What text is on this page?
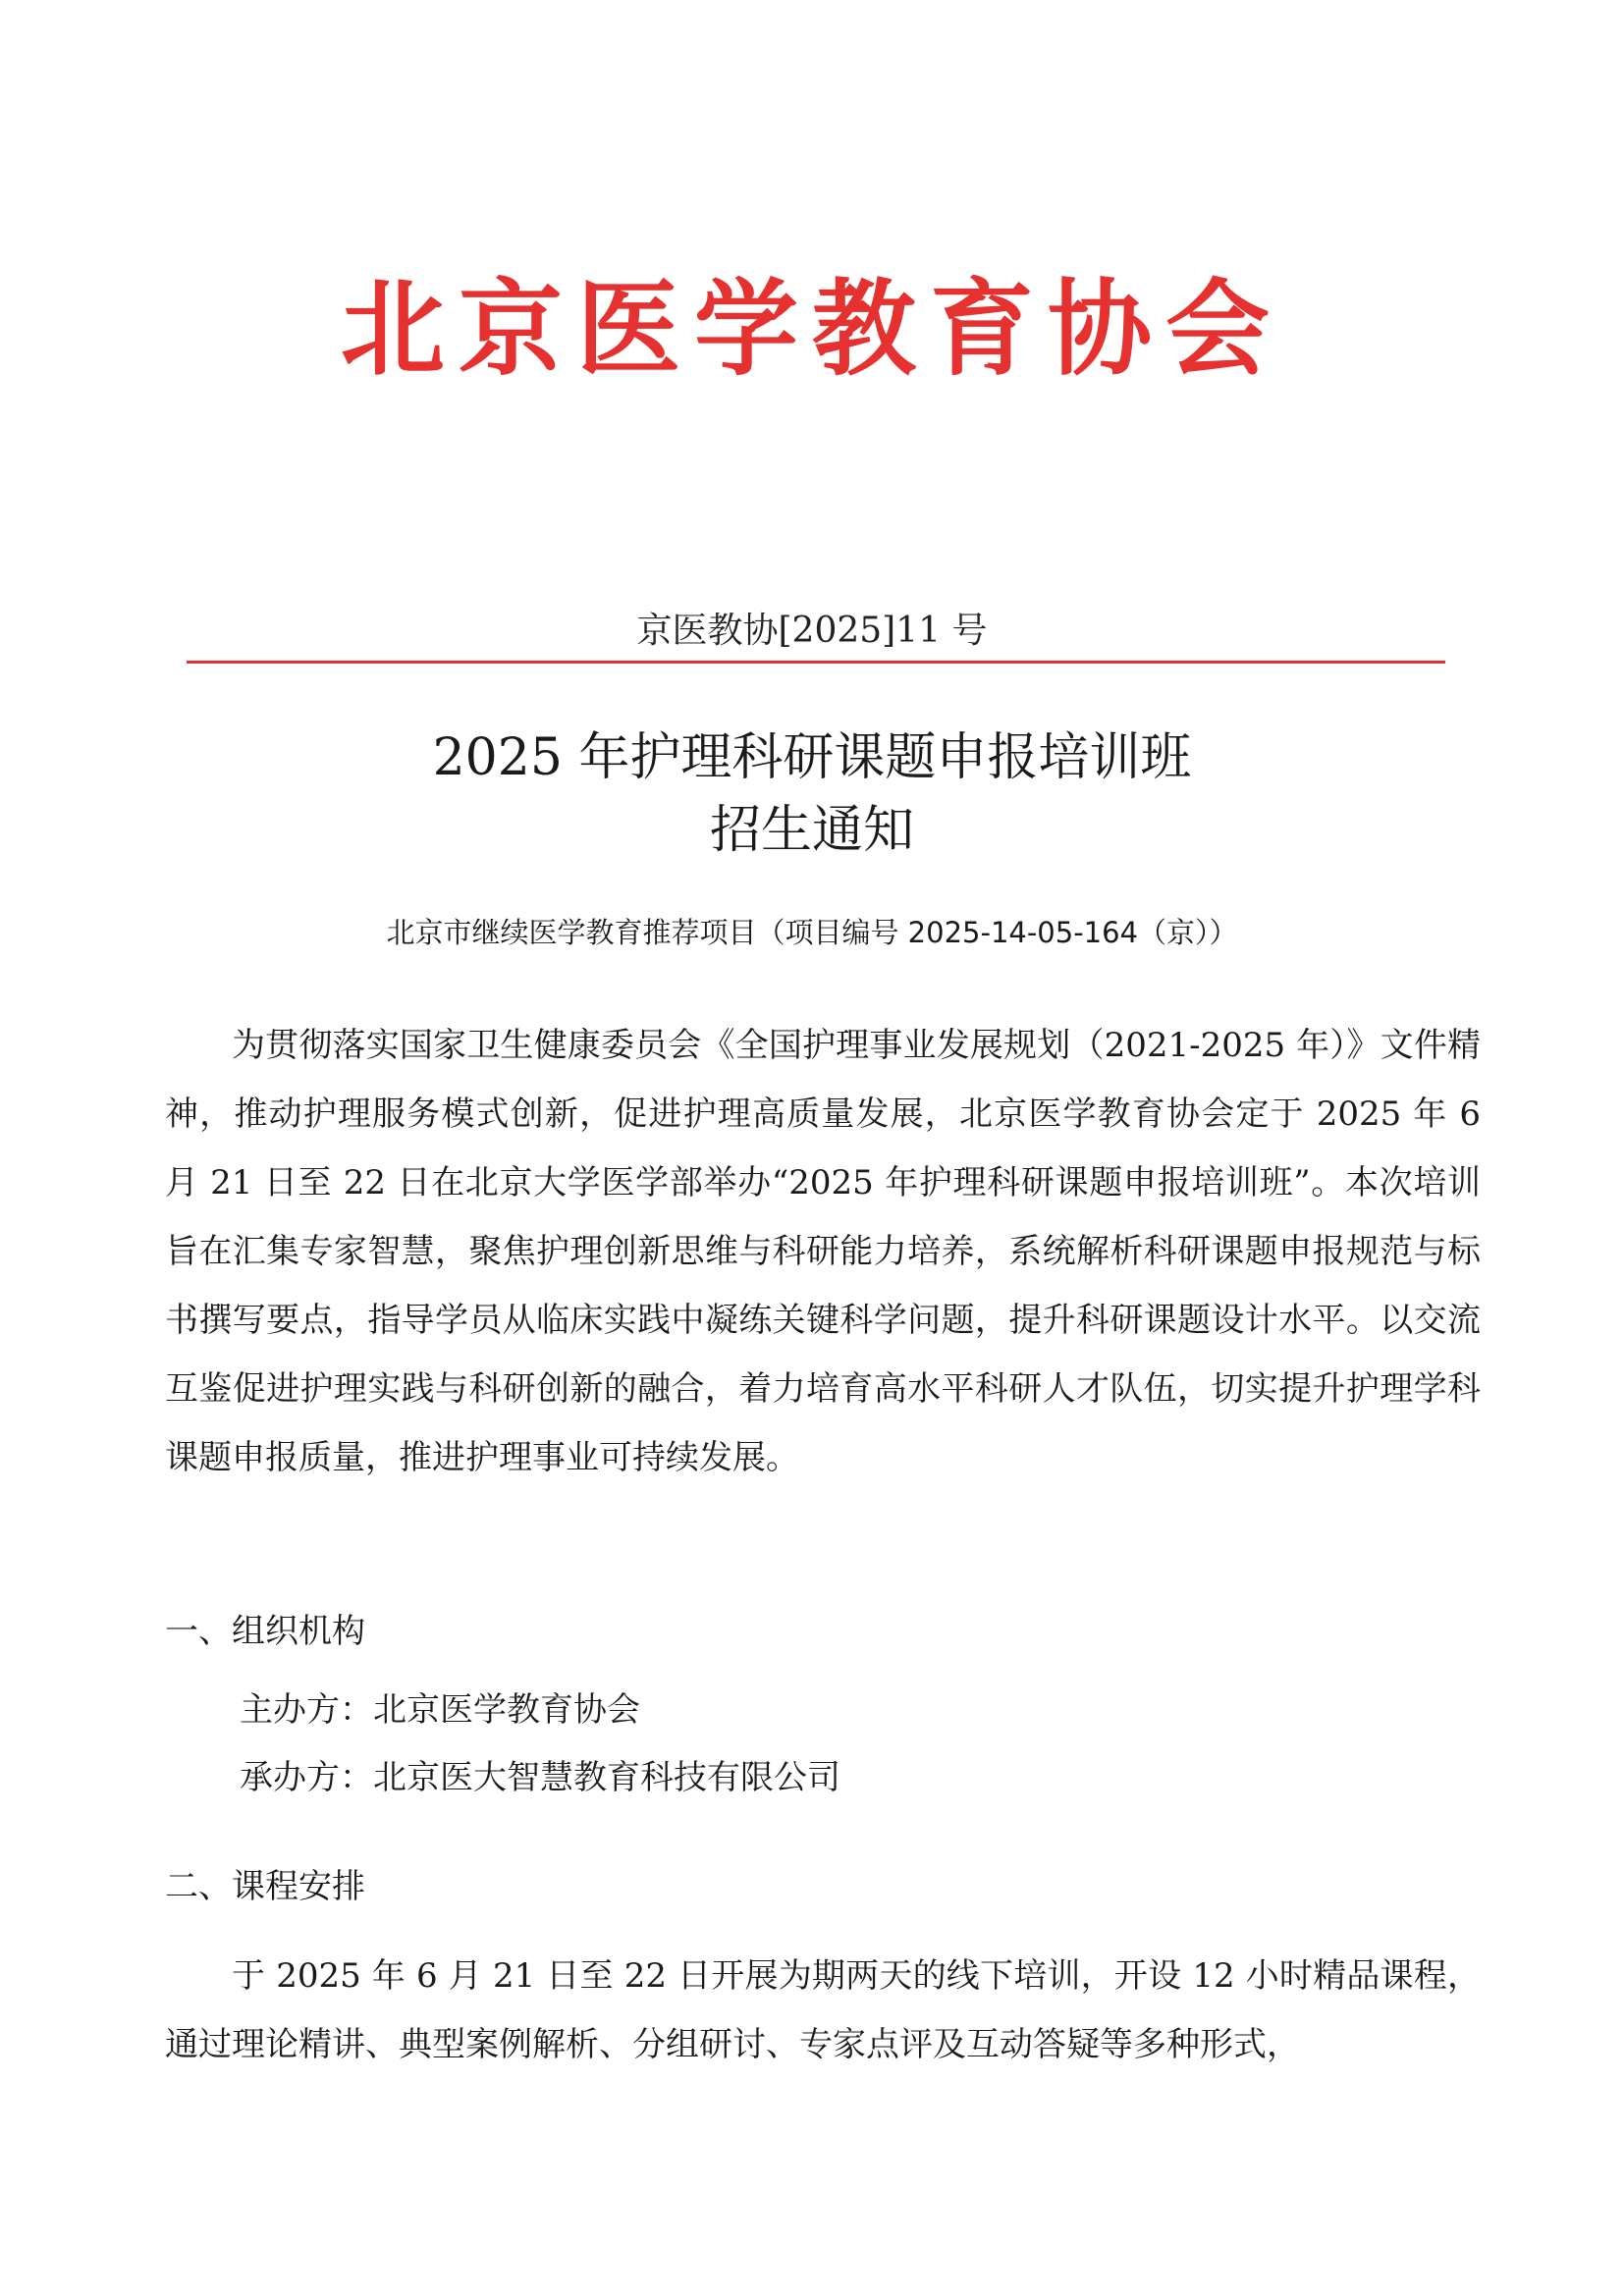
北京医学教育协会
京医教协[2025]11 号
2025 年护理科研课题申报培训班
招生通知
北京市继续医学教育推荐项目（项目编号 2025-14-05-164（京））
为贯彻落实国家卫生健康委员会《全国护理事业发展规划（2021-2025 年）》文件精神，推动护理服务模式创新，促进护理高质量发展，北京医学教育协会定于 2025 年 6 月 21 日至 22 日在北京大学医学部举办“2025 年护理科研课题申报培训班”。本次培训旨在汇集专家智慧，聚焦护理创新思维与科研能力培养，系统解析科研课题申报规范与标书撰写要点，指导学员从临床实践中凝练关键科学问题，提升科研课题设计水平。以交流互鉴促进护理实践与科研创新的融合，着力培育高水平科研人才队伍，切实提升护理学科课题申报质量，推进护理事业可持续发展。
一、组织机构
主办方：北京医学教育协会
承办方：北京医大智慧教育科技有限公司
二、课程安排
于 2025 年 6 月 21 日至 22 日开展为期两天的线下培训，开设 12 小时精品课程，通过理论精讲、典型案例解析、分组研讨、专家点评及互动答疑等多种形式，
